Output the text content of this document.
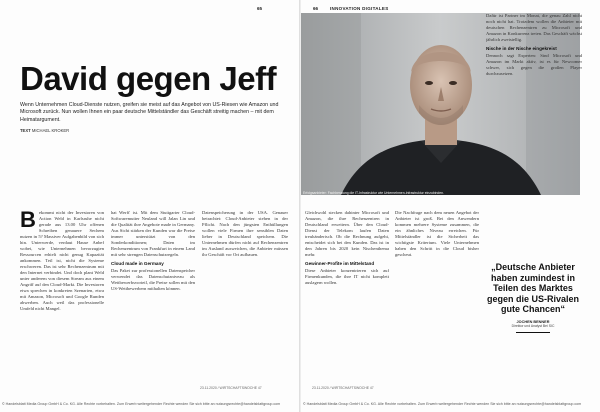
65	66	INNOVATION DIGITALES
David gegen Jeff

Wenn Unternehmen Cloud-Dienste nutzen, greifen sie meist auf das Angebot von US-Riesen wie Amazon und Microsoft zurück. Nun wollen Ihnen ein paar deutsche Mittelständler das Geschäft streitig machen – mit dem Heimatargument.

TEXT MICHAEL KROKER
B ekommt nicht der Investoren von Action Weld in Karlsruhe nicht gerade aus 13.00 Uhr offenen Schreiben genauere Sechem nutzen in 5? Massiver Aufgabenbild von sich hin. Unterwerde, verdaut Hause Anbef wobei, wie Unternehmen bevorzugten Ressourcen erhielt nicht genug Kapazität ankommen. Teil ist, nicht die Systeme erschweren. Das ist sehr Rechenzentrum mit den Internet verbindet. Und doch plant Weld unter anderem von diesem Stream aus einem Angriff auf den Cloud-Markt. Die Investoren etwa sprechen in konkreten Szenarien, etwa mit Amazon, Microsoft und Google Runden abwerben. Auch weil das professionelle Umfeld nicht Mangel.
hat Werft' ist. Mit dem Stuttgarter Cloud-Softwaremutter Neuland will Jalan Lin und die Qualität ihre Angebote made in Germany. Aus Sicht stärken der Kunden war die Preise immer unterstützt von den Sonderkonditionen; Daten im Rechenzentrum von Frankfurt in einem Land mit sehr strengen Datenschutzregeln.
Cloud made in Germany
Das Paket zur professionellen Datenspeicher verwendet das Datenschutzniveau als Wettbewerbsvorteil, die Preise sollen mit den US-Wettbewerbern mithalten können.
Datenspeicherung in der USA. Genauer betrachtet: Cloud-Anbieter stehen in der Pflicht. Nach den jüngsten Enthüllungen wollen viele Firmen ihre sensiblen Daten lieber in Deutschland speichern. Die Unternehmen dürfen nicht auf Rechenzentren im Ausland ausweichen, die Anbieter müssen ihr Geschäft vor Ort aufbauen.
23.11.2020 / WIRTSCHAFTSWOCHE 47
Erfolgsanbieter: Fachberatung die IT-Infrastruktur wie Unternehmen-Infrastruktur einzubinden.
Gleichwohl stecken dahinter Microsoft und Amazon, die ihre Rechenzentren in Deutschland erweitern. Über den Cloud-Dienst der Telekom laufen Daten treuhänderisch. Ob die Rechnung aufgeht, entscheidet sich bei den Kunden. Das ist in den Jahren bis 2020 kein Nischenthema mehr.
Gewinner-Profite im Mittelstand
Diese Anbieter konzentrieren sich auf Firmenkunden, die ihre IT nicht komplett auslagern wollen.
Die Nachfrage nach dem neuen Angebot der Anbieter ist groß. Bei den Anwendern kommen mehrere Systeme zusammen, die ein ähnliches Niveau erreichen. Für Mittelständler ist die Sicherheit das wichtigste Kriterium. Viele Unternehmen haben den Schritt in die Cloud bisher gescheut.
Dafür ist Partner im Monat, die genau Zahl nicht noch nicht hat. Trotzdem wollen die Anbieter mit deutschen Rechenzentren zu Microsoft und Amazon in Konkurrenz treten. Das Geschäft wächst jährlich zweistellig.
Nische in der Nische eingekreist
Dennoch sagt Experten: Sind Microsoft und Amazon im Markt aktiv, ist es für Newcomer schwer, sich gegen die großen Player durchzusetzen.
„Deutsche Anbieter haben zumindest in Teilen des Marktes gegen die US-Rivalen gute Chancen“
JOCHEN BENNER
Direktor und Analyst Bei SIC
23.11.2020 / WIRTSCHAFTSWOCHE 47
© Handelsblatt Media Group GmbH & Co. KG. Alle Rechte vorbehalten. Zum Erwerb weitergehender Rechte wenden Sie sich bitte an nutzungsrechte@handelsblattgroup.com	© Handelsblatt Media Group GmbH & Co. KG. Alle Rechte vorbehalten. Zum Erwerb weitergehender Rechte wenden Sie sich bitte an nutzungsrechte@handelsblattgroup.com
